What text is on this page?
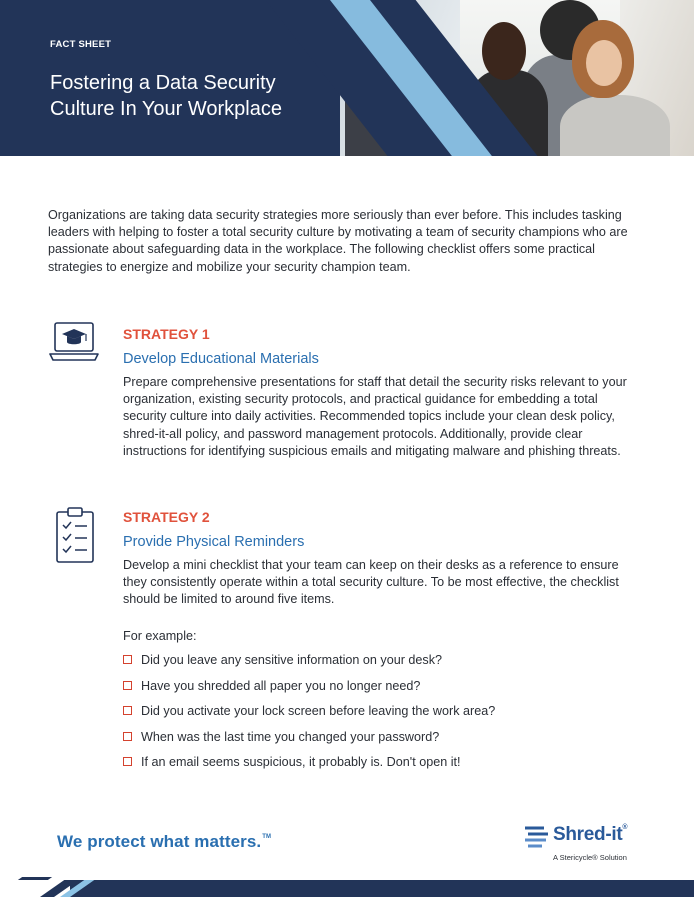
FACT SHEET
Fostering a Data Security Culture In Your Workplace

Organizations are taking data security strategies more seriously than ever before. This includes tasking leaders with helping to foster a total security culture by motivating a team of security champions who are passionate about safeguarding data in the workplace. The following checklist offers some practical strategies to energize and mobilize your security champion team.

STRATEGY 1
Develop Educational Materials

Prepare comprehensive presentations for staff that detail the security risks relevant to your organization, existing security protocols, and practical guidance for embedding a total security culture into daily activities. Recommended topics include your clean desk policy, shred-it-all policy, and password management protocols. Additionally, provide clear instructions for identifying suspicious emails and mitigating malware and phishing threats.

STRATEGY 2
Provide Physical Reminders

Develop a mini checklist that your team can keep on their desks as a reference to ensure they consistently operate within a total security culture. To be most effective, the checklist should be limited to around five items.

For example:
Did you leave any sensitive information on your desk?
Have you shredded all paper you no longer need?
Did you activate your lock screen before leaving the work area?
When was the last time you changed your password?
If an email seems suspicious, it probably is. Don't open it!
We protect what matters.™	Shred-it®
A Stericycle® Solution
